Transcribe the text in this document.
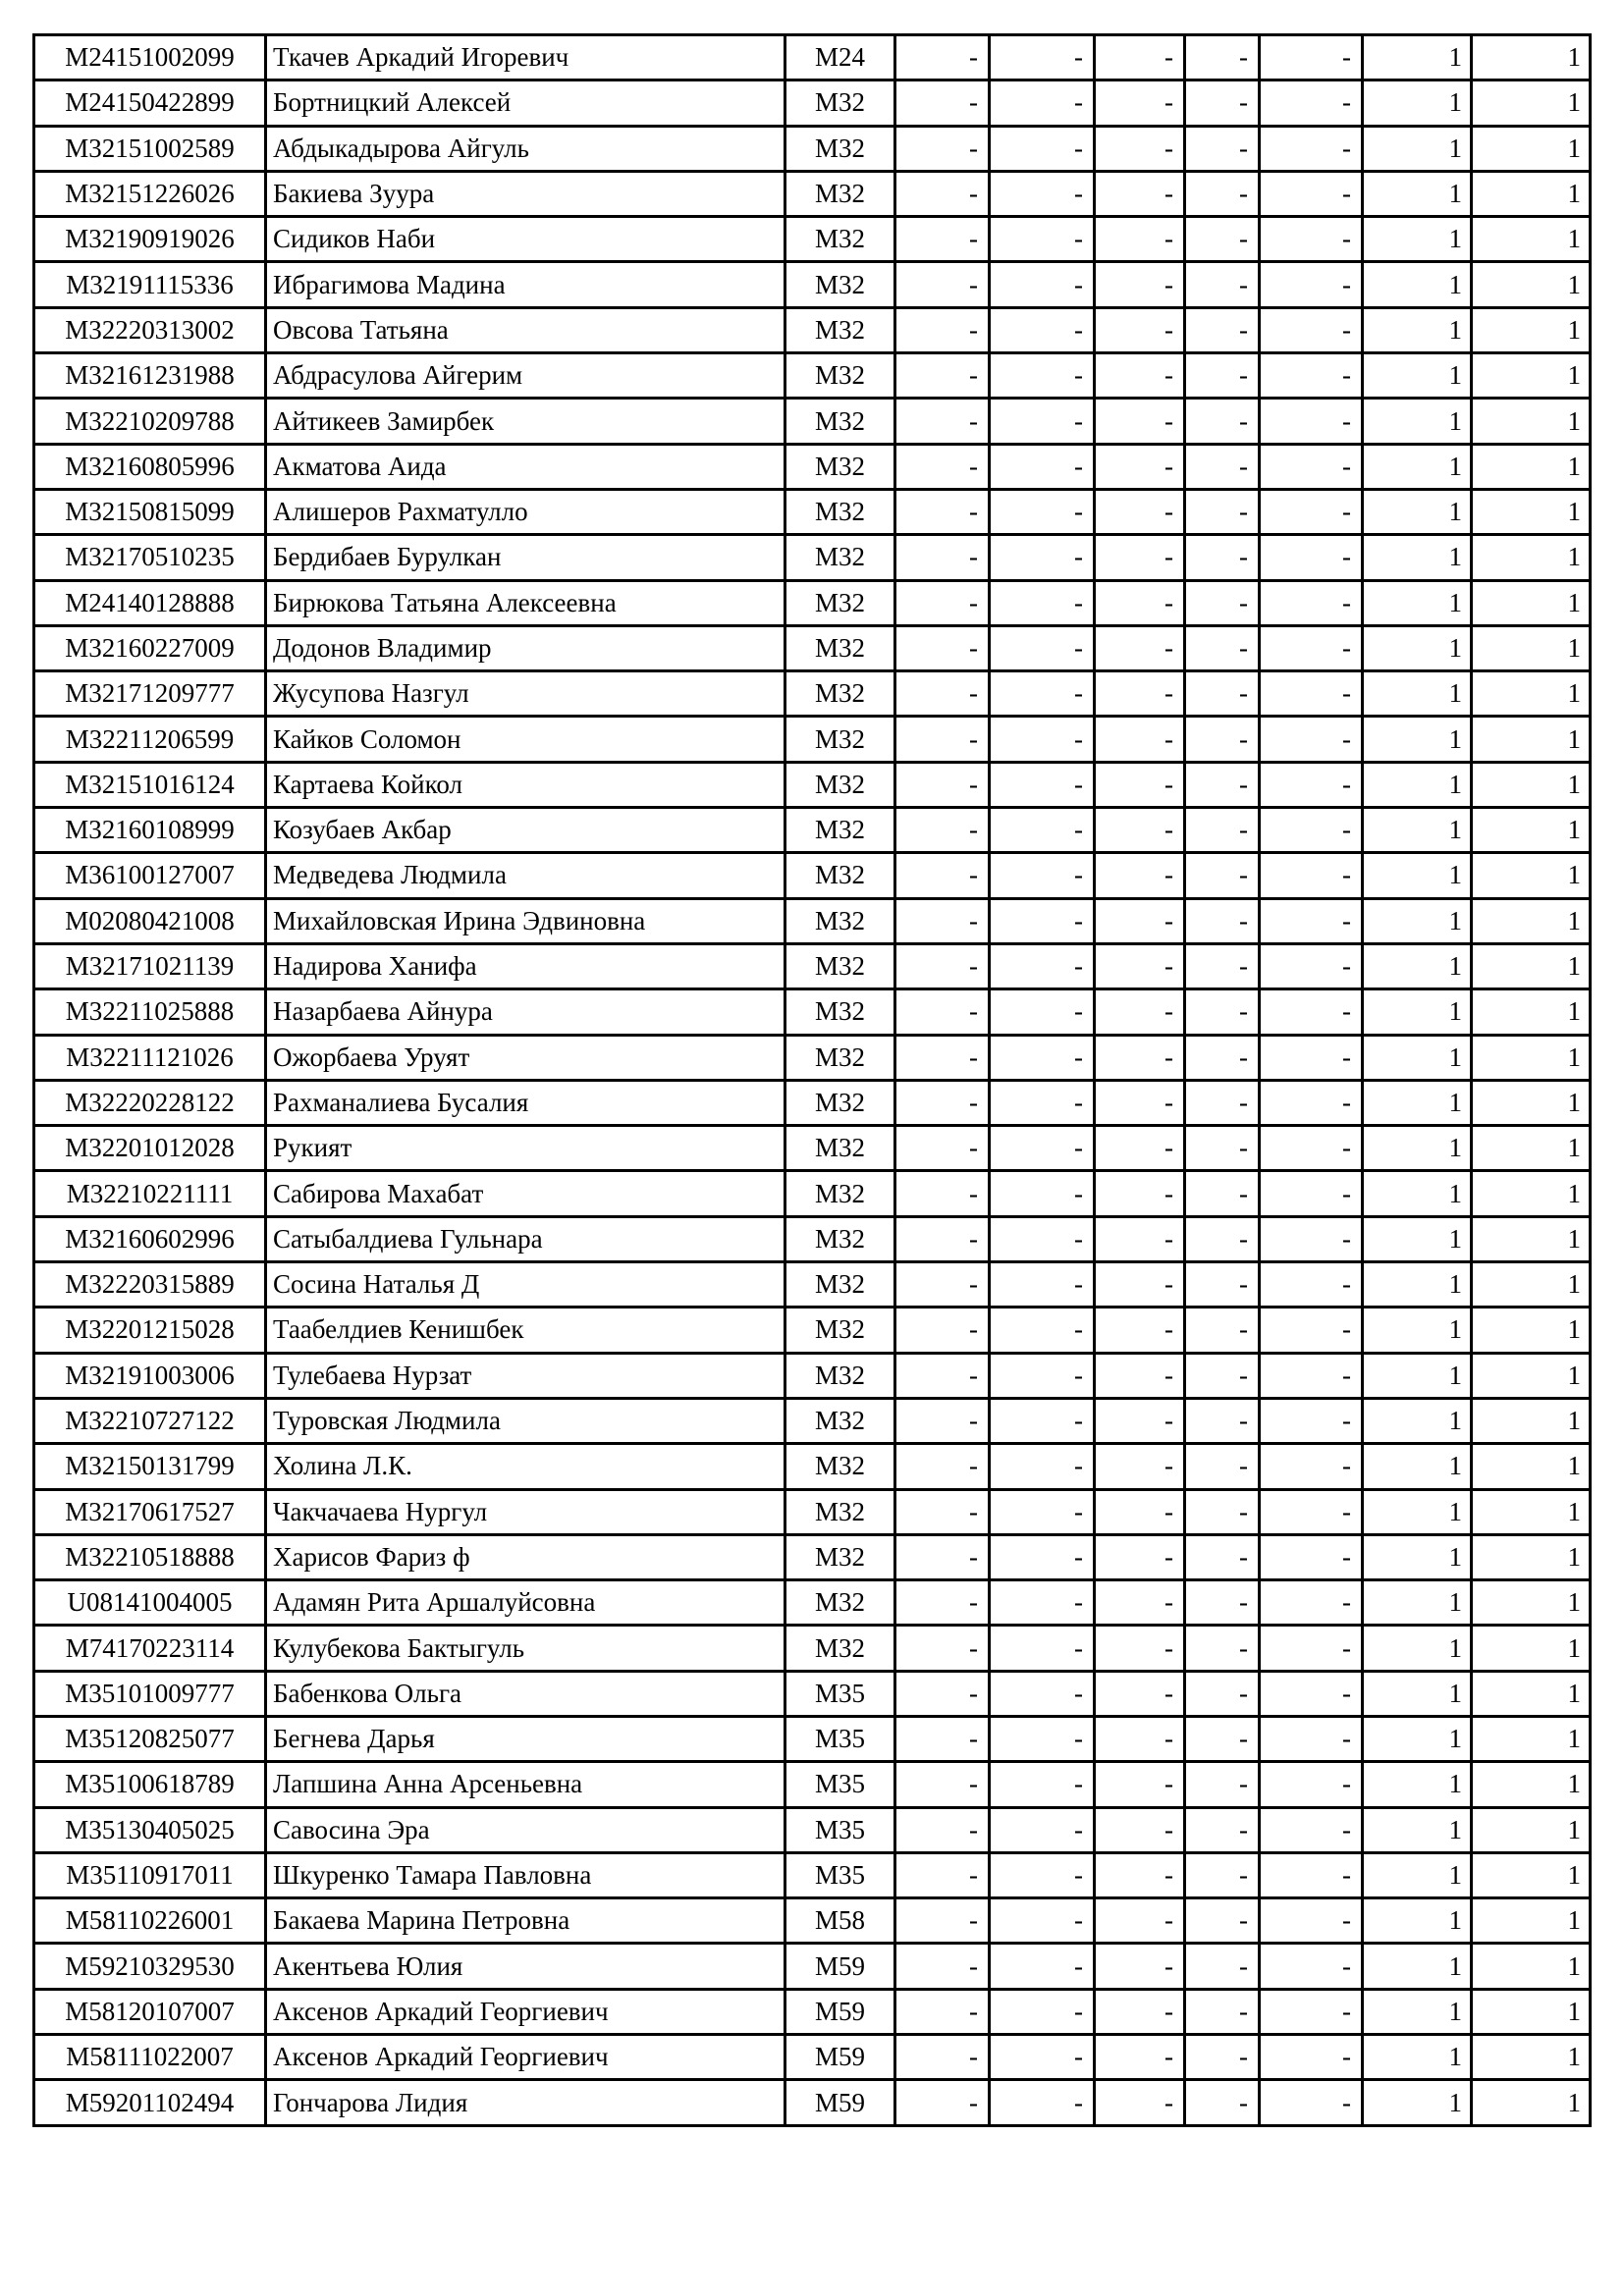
M24151002099	Ткачев Аркадий Игоревич	M24	-	-	-	-	-	1	1
M24150422899	Бортницкий Алексей	M32	-	-	-	-	-	1	1
M32151002589	Абдыкадырова Айгуль	M32	-	-	-	-	-	1	1
M32151226026	Бакиева Зуура	M32	-	-	-	-	-	1	1
M32190919026	Сидиков Наби	M32	-	-	-	-	-	1	1
M32191115336	Ибрагимова Мадина	M32	-	-	-	-	-	1	1
M32220313002	Овсова Татьяна	M32	-	-	-	-	-	1	1
M32161231988	Абдрасулова Айгерим	M32	-	-	-	-	-	1	1
M32210209788	Айтикеев Замирбек	M32	-	-	-	-	-	1	1
M32160805996	Акматова Аида	M32	-	-	-	-	-	1	1
M32150815099	Алишеров Рахматулло	M32	-	-	-	-	-	1	1
M32170510235	Бердибаев Бурулкан	M32	-	-	-	-	-	1	1
M24140128888	Бирюкова Татьяна Алексеевна	M32	-	-	-	-	-	1	1
M32160227009	Додонов Владимир	M32	-	-	-	-	-	1	1
M32171209777	Жусупова Назгул	M32	-	-	-	-	-	1	1
M32211206599	Кайков Соломон	M32	-	-	-	-	-	1	1
M32151016124	Картаева Койкол	M32	-	-	-	-	-	1	1
M32160108999	Козубаев Акбар	M32	-	-	-	-	-	1	1
M36100127007	Медведева Людмила	M32	-	-	-	-	-	1	1
M02080421008	Михайловская Ирина Эдвиновна	M32	-	-	-	-	-	1	1
M32171021139	Надирова Ханифа	M32	-	-	-	-	-	1	1
M32211025888	Назарбаева Айнура	M32	-	-	-	-	-	1	1
M32211121026	Ожорбаева Уруят	M32	-	-	-	-	-	1	1
M32220228122	Рахманалиева Бусалия	M32	-	-	-	-	-	1	1
M32201012028	Рукият	M32	-	-	-	-	-	1	1
M32210221111	Сабирова Махабат	M32	-	-	-	-	-	1	1
M32160602996	Сатыбалдиева Гульнара	M32	-	-	-	-	-	1	1
M32220315889	Сосина Наталья Д	M32	-	-	-	-	-	1	1
M32201215028	Таабелдиев Кенишбек	M32	-	-	-	-	-	1	1
M32191003006	Тулебаева Нурзат	M32	-	-	-	-	-	1	1
M32210727122	Туровская Людмила	M32	-	-	-	-	-	1	1
M32150131799	Холина Л.К.	M32	-	-	-	-	-	1	1
M32170617527	Чакчачаева Нургул	M32	-	-	-	-	-	1	1
M32210518888	Харисов Фариз ф	M32	-	-	-	-	-	1	1
U08141004005	Адамян Рита Аршалуйсовна	M32	-	-	-	-	-	1	1
M74170223114	Кулубекова Бактыгуль	M32	-	-	-	-	-	1	1
M35101009777	Бабенкова Ольга	M35	-	-	-	-	-	1	1
M35120825077	Бегнева Дарья	M35	-	-	-	-	-	1	1
M35100618789	Лапшина Анна Арсеньевна	M35	-	-	-	-	-	1	1
M35130405025	Савосина Эра	M35	-	-	-	-	-	1	1
M35110917011	Шкуренко Тамара Павловна	M35	-	-	-	-	-	1	1
M58110226001	Бакаева Марина Петровна	M58	-	-	-	-	-	1	1
M59210329530	Акентьева Юлия	M59	-	-	-	-	-	1	1
M58120107007	Аксенов Аркадий Георгиевич	M59	-	-	-	-	-	1	1
M58111022007	Аксенов Аркадий Георгиевич	M59	-	-	-	-	-	1	1
M59201102494	Гончарова Лидия	M59	-	-	-	-	-	1	1
